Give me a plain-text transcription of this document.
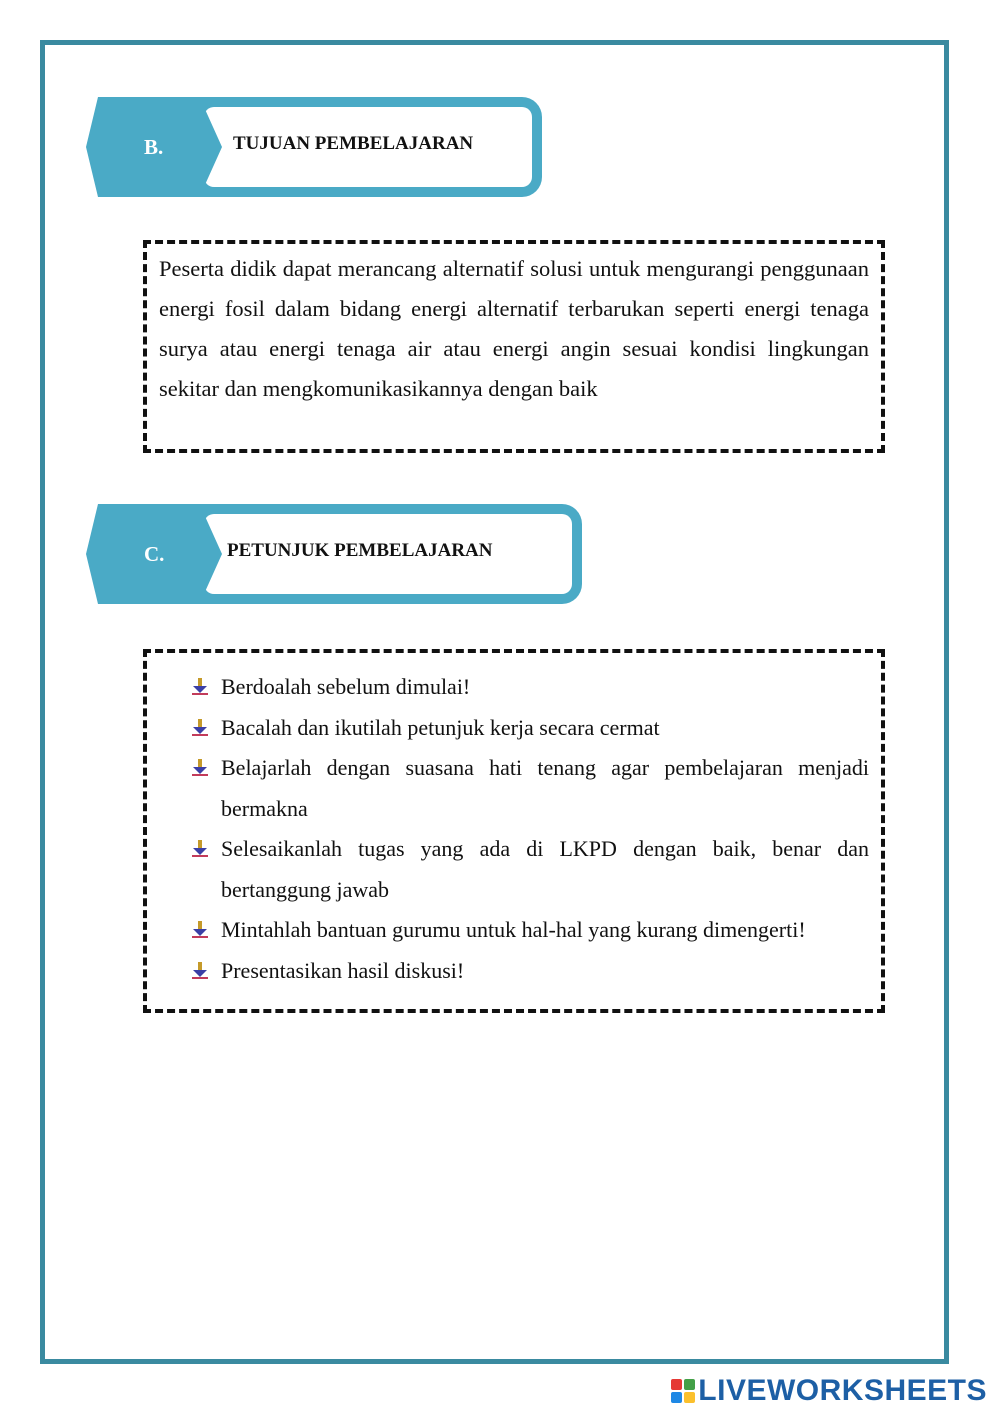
B.	TUJUAN PEMBELAJARAN
Peserta didik dapat merancang alternatif solusi untuk mengurangi penggunaan energi fosil dalam bidang energi alternatif terbarukan seperti energi tenaga surya atau energi tenaga air atau energi angin sesuai kondisi lingkungan sekitar dan mengkomunikasikannya dengan baik
C.	PETUNJUK PEMBELAJARAN
Berdoalah sebelum dimulai!
Bacalah dan ikutilah petunjuk kerja secara cermat
Belajarlah dengan suasana hati tenang agar pembelajaran menjadi bermakna
Selesaikanlah tugas yang ada di LKPD dengan baik, benar dan bertanggung jawab
Mintahlah bantuan gurumu untuk hal-hal yang kurang dimengerti!
Presentasikan hasil diskusi!
LIVEWORKSHEETS
